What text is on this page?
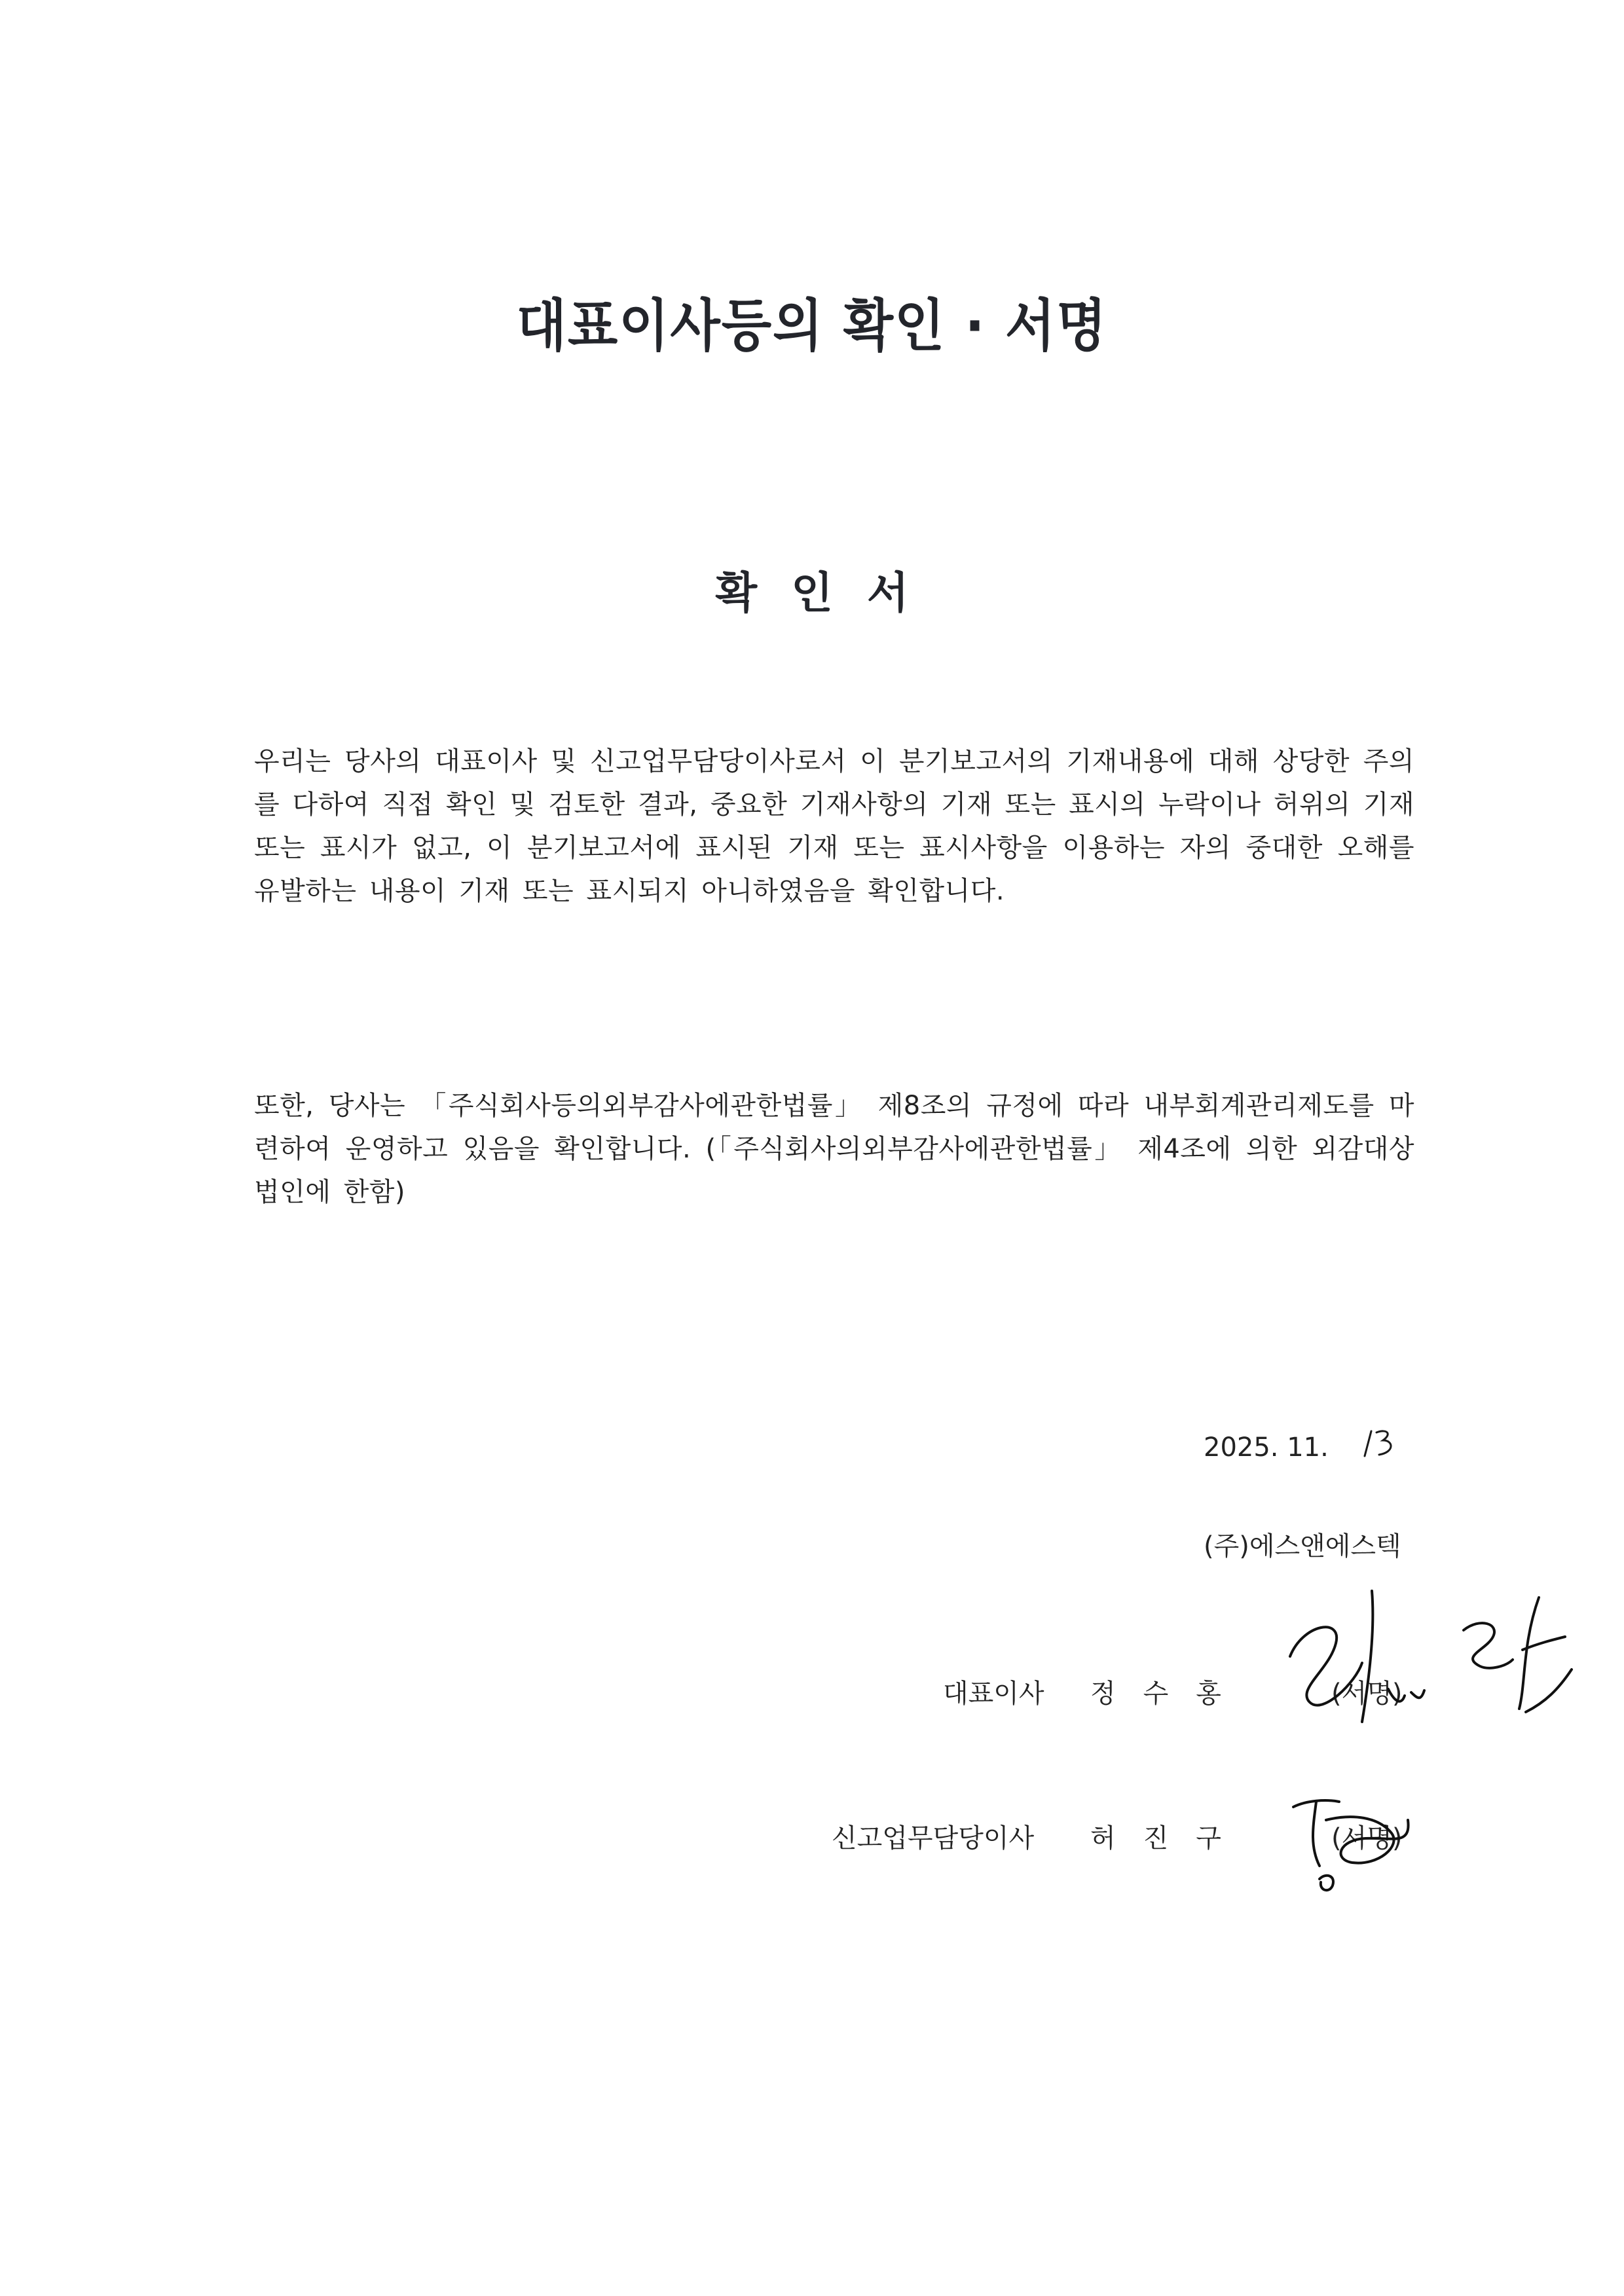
대표이사등의 확인 · 서명
확인서

우리는 당사의 대표이사 및 신고업무담당이사로서 이 분기보고서의 기재내용에 대해 상당한 주의를 다하여 직접 확인 및 검토한 결과, 중요한 기재사항의 기재 또는 표시의 누락이나 허위의 기재 또는 표시가 없고, 이 분기보고서에 표시된 기재 또는 표시사항을 이용하는 자의 중대한 오해를 유발하는 내용이 기재 또는 표시되지 아니하였음을 확인합니다.

또한, 당사는 「주식회사등의외부감사에관한법률」 제8조의 규정에 따라 내부회계관리제도를 마련하여 운영하고 있음을 확인합니다. (「주식회사의외부감사에관한법률」 제4조에 의한 외감대상법인에 한함)

2025. 11.
(주)에스앤에스텍
대표이사 정수홍	(서명)
신고업무담당이사 허진구	(서명)
